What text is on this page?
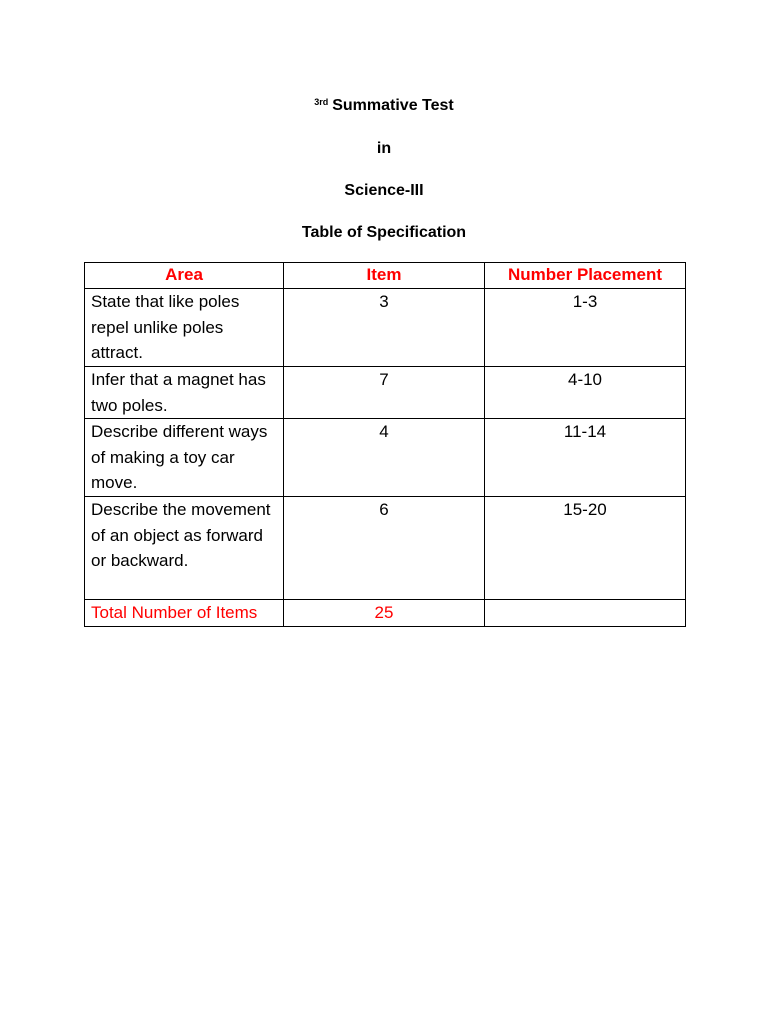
$^{3rd}$ Summative Test
in
Science-III
Table of Specification
Area	Item	Number Placement
State that like poles repel unlike poles attract.	3	1-3
Infer that a magnet has two poles.	7	4-10
Describe different ways of making a toy car move.	4	11-14
Describe the movement of an object as forward or backward.	6	15-20
Total Number of Items	25	
